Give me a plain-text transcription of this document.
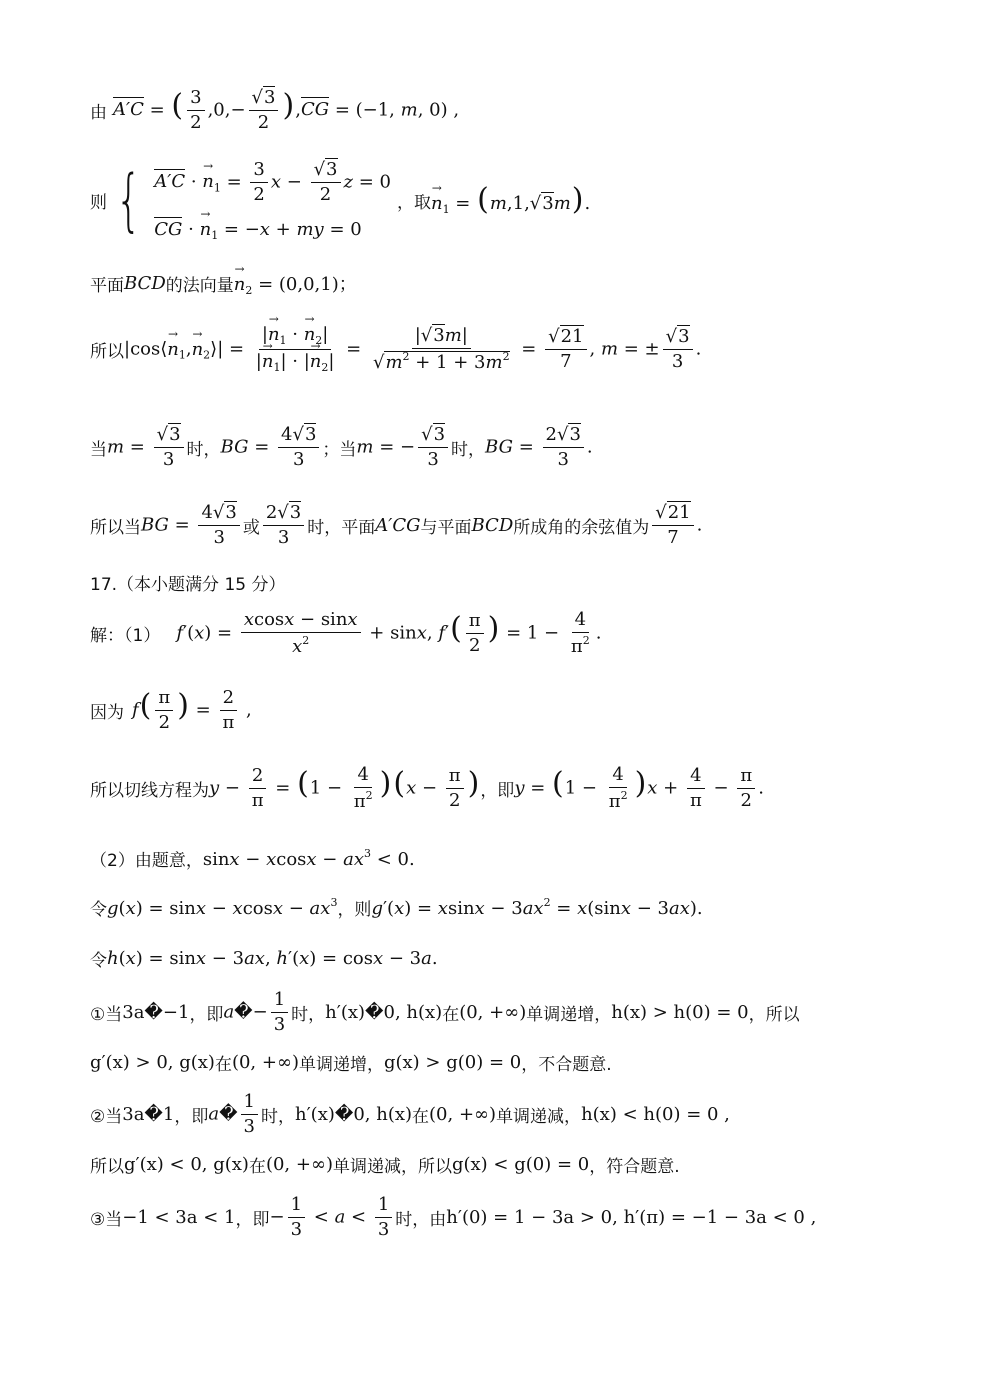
由 A′C = ( $\frac{3}{2} ,0,- \frac{√3}{2} ),CG = (-1$, m, 0) ,
则 { A′C · → $n_1 = \frac{3}{2}$ $x - \frac{√3}{2}$ z = 0
CG · → $n_1 = -x$ + my = 0
，取 → $n_1 = (m,1,√3m)$.
平面 BCD 的法向量 → $n_2 = (0,0,1)$；
所以 |cos⟨→ $n_1,\to$ $n_2⟩| = \frac{|\to n_1 \cdot \to n_2|}{|\to n_1| \cdot |\to n_2|} = \frac{|√3m|}{√m^2 + 1 + 3m^2} = \frac{√21}{7}$ , m = ± $\frac{√3}{3}$ .
当 $m = \frac{√3}{3}$ 时， BG = $\frac{4√3}{3}$ ；当 m = − $\frac{√3}{3}$ 时， BG = $\frac{2√3}{3}$ .
所以当 BG = $\frac{4√3}{3}$ 或 $\frac{2√3}{3}$ 时，平面 A′CG 与平面 BCD 所成角的余弦值为 $\frac{√21}{7}$ .
17.（本小题满分 15 分）
解：（1） $f'(x) = \frac{xcosx - \sin x}{x^2} + \sin x$, $f'( \frac{\pi}{2}$ ) = $1 - \frac{4}{\pi^2}$ .
因为 $f( \frac{\pi}{2}$ ) = $\frac{2}{\pi}$ ,
所以切线方程为 $y - \frac{2}{\pi} = (1 - \frac{4}{\pi^2} )(x - \frac{\pi}{2}$ ) ，即 $y = (1 - \frac{4}{\pi^2} )x + \frac{4}{\pi} - \frac{\pi}{2}$ .
（2）由题意， $\sin x - xcosx - ax^3 < 0$.
令 $g(x) = \sin x - xcosx - ax^3$ ，则 $g'(x) = xsinx - 3ax^2 = x(\sin x - 3ax)$.
令 h(x) = sinx − 3ax, h′(x) = cosx − 3a.
①当 3a�−1 ，即 a�− $\frac{1}{3}$ 时， h′(x)�0, h(x) 在 (0, +∞) 单调递增， h(x) > h(0) = 0 ，所以
g′(x) > 0, g(x) 在 (0, +∞) 单调递增， g(x) > g(0) = 0 ，不合题意.
②当 3a�1 ，即 a� $\frac{1}{3}$ 时， h′(x)�0, h(x) 在 (0, +∞) 单调递减， h(x) < h(0) = 0 ,
所以 g′(x) < 0, g(x) 在 (0, +∞) 单调递减，所以 g(x) < g(0) = 0 ，符合题意.
③当 −1 < 3a < 1 ，即 − $\frac{1}{3} < a < \frac{1}{3}$ 时，由 h′(0) = 1 − 3a > 0, h′(π) = −1 − 3a < 0 ,
